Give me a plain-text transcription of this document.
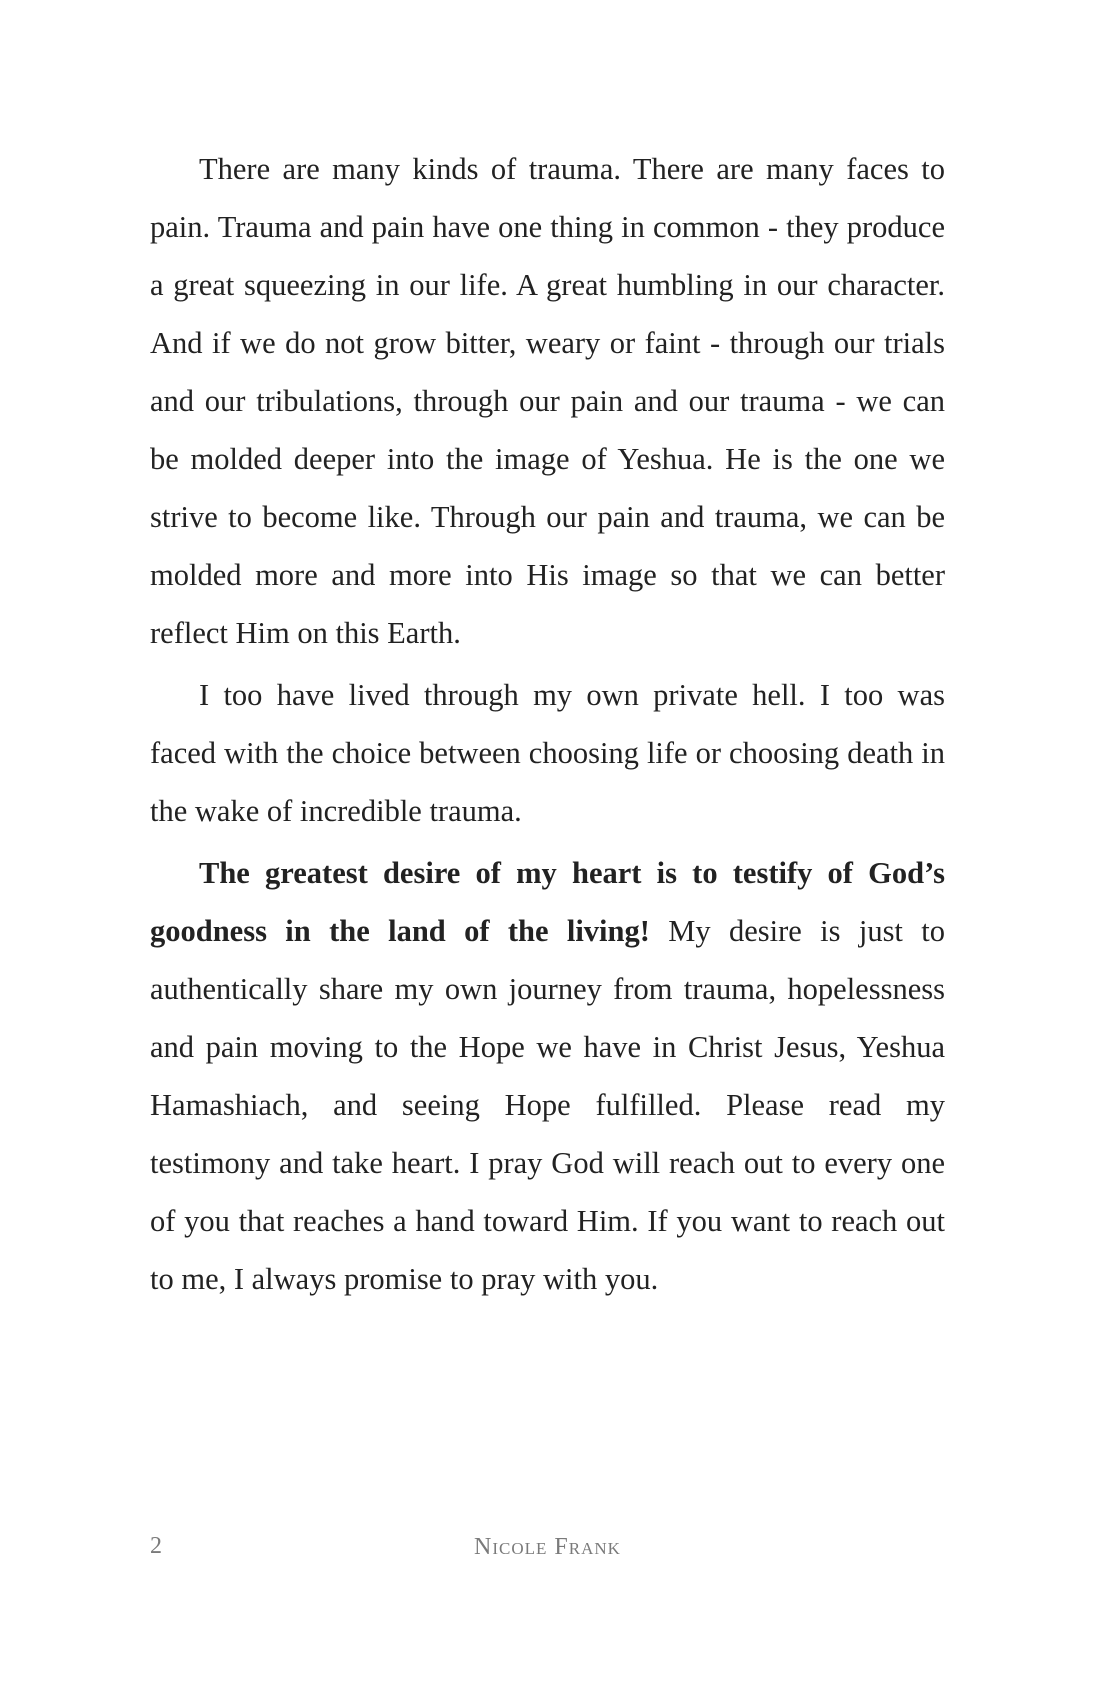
There are many kinds of trauma. There are many faces to pain. Trauma and pain have one thing in common - they produce a great squeezing in our life. A great humbling in our character. And if we do not grow bitter, weary or faint - through our trials and our tribulations, through our pain and our trauma - we can be molded deeper into the image of Yeshua. He is the one we strive to become like. Through our pain and trauma, we can be molded more and more into His image so that we can better reflect Him on this Earth.

I too have lived through my own private hell. I too was faced with the choice between choosing life or choosing death in the wake of incredible trauma.

The greatest desire of my heart is to testify of God’s goodness in the land of the living! My desire is just to authentically share my own journey from trauma, hopelessness and pain moving to the Hope we have in Christ Jesus, Yeshua Hamashiach, and seeing Hope fulfilled. Please read my testimony and take heart. I pray God will reach out to every one of you that reaches a hand toward Him. If you want to reach out to me, I always promise to pray with you.

2	Nicole Frank
